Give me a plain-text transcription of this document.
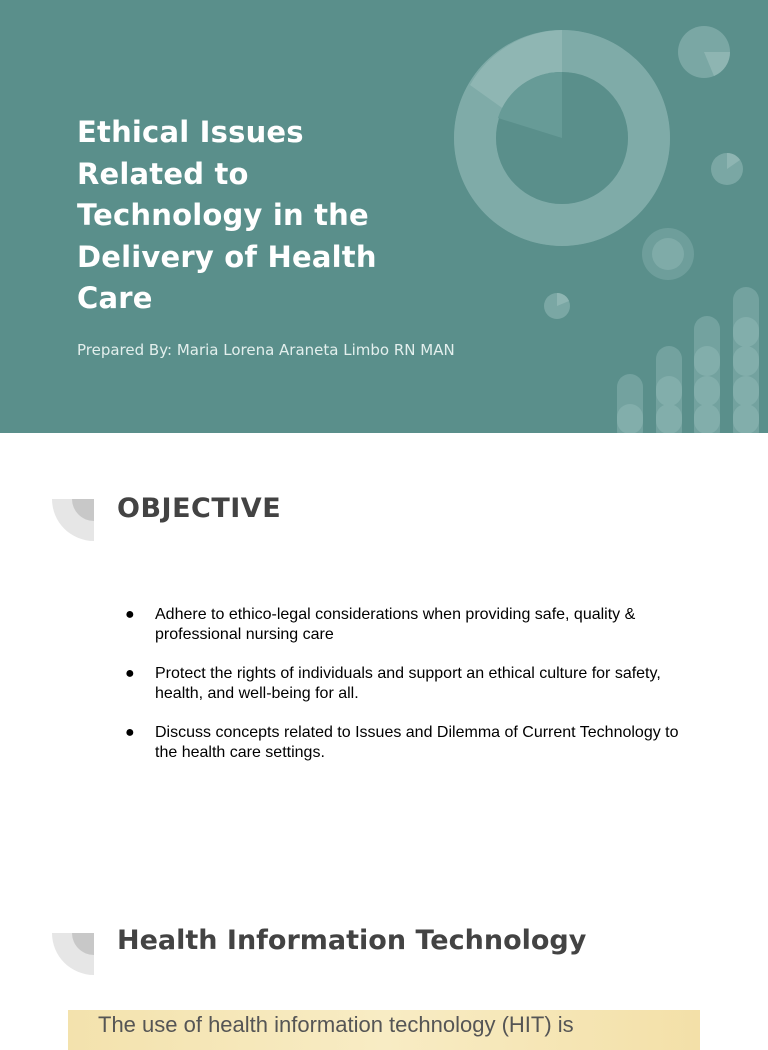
Ethical Issues Related to Technology in the Delivery of Health Care

Prepared By: Maria Lorena Araneta Limbo RN MAN

OBJECTIVE
● Adhere to ethico-legal considerations when providing safe, quality & professional nursing care
● Protect the rights of individuals and support an ethical culture for safety, health, and well-being for all.
● Discuss concepts related to Issues and Dilemma of Current Technology to the health care settings.
Health Information Technology

The use of health information technology (HIT) is
